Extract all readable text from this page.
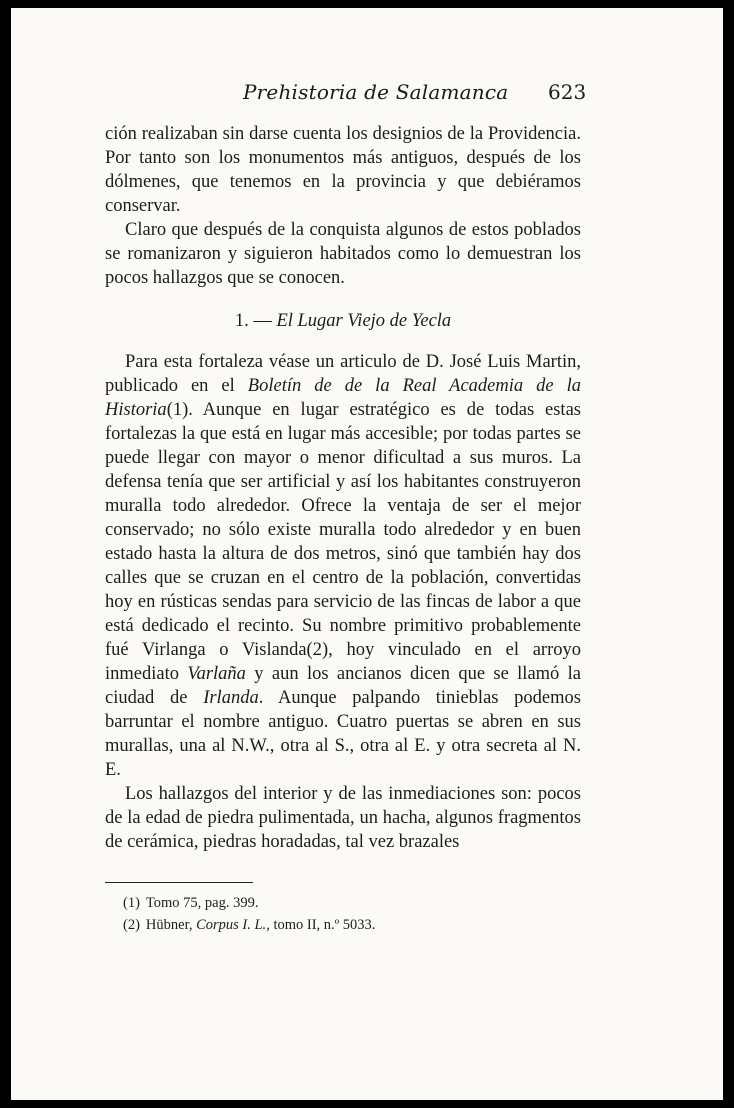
Prehistoria de Salamanca 623

ción realizaban sin darse cuenta los designios de la Providencia. Por tanto son los monumentos más antiguos, después de los dólmenes, que tenemos en la provincia y que debiéramos conservar.

Claro que después de la conquista algunos de estos poblados se romanizaron y siguieron habitados como lo demuestran los pocos hallazgos que se conocen.

1. — El Lugar Viejo de Yecla

Para esta fortaleza véase un articulo de D. José Luis Martin, publicado en el Boletín de de la Real Academia de la Historia(1). Aunque en lugar estratégico es de todas estas fortalezas la que está en lugar más accesible; por todas partes se puede llegar con mayor o menor dificultad a sus muros. La defensa tenía que ser artificial y así los habitantes construyeron muralla todo alrededor. Ofrece la ventaja de ser el mejor conservado; no sólo existe muralla todo alrededor y en buen estado hasta la altura de dos metros, sinó que también hay dos calles que se cruzan en el centro de la población, convertidas hoy en rústicas sendas para servicio de las fincas de labor a que está dedicado el recinto. Su nombre primitivo probablemente fué Virlanga o Vislanda(2), hoy vinculado en el arroyo inmediato Varlaña y aun los ancianos dicen que se llamó la ciudad de Irlanda. Aunque palpando tinieblas podemos barruntar el nombre antiguo. Cuatro puertas se abren en sus murallas, una al N.W., otra al S., otra al E. y otra secreta al N. E.

Los hallazgos del interior y de las inmediaciones son: pocos de la edad de piedra pulimentada, un hacha, algunos fragmentos de cerámica, piedras horadadas, tal vez brazales

(1) Tomo 75, pag. 399.

(2) Hübner, Corpus I. L., tomo II, n.º 5033.
